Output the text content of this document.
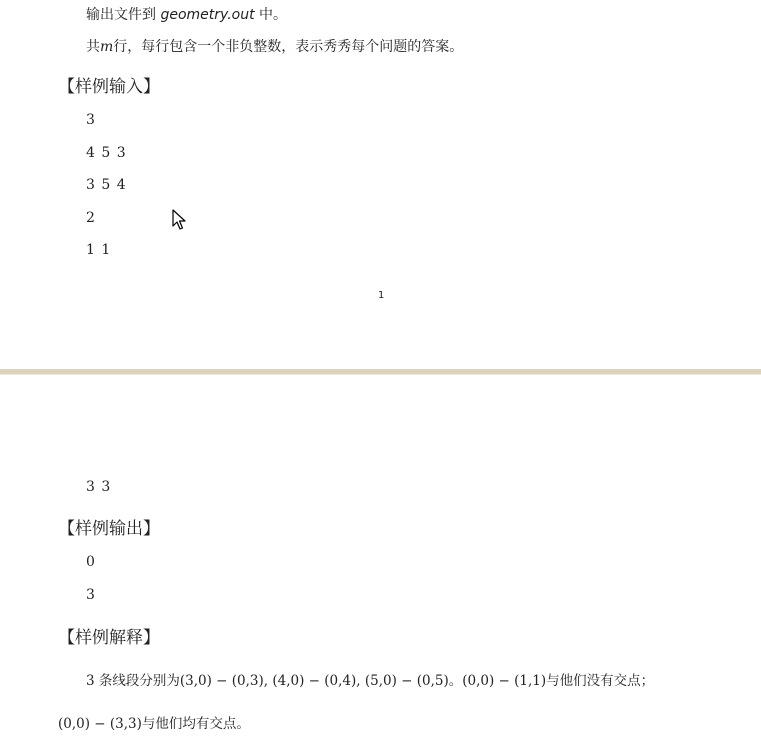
输出文件到 geometry.out 中。
共m行，每行包含一个非负整数，表示秀秀每个问题的答案。
【样例输入】
3
4 5 3
3 5 4
2
1 1
1
3 3
【样例输出】
0
3
【样例解释】
3 条线段分别为(3,0) − (0,3), (4,0) − (0,4), (5,0) − (0,5)。(0,0) − (1,1)与他们没有交点；
(0,0) − (3,3)与他们均有交点。
